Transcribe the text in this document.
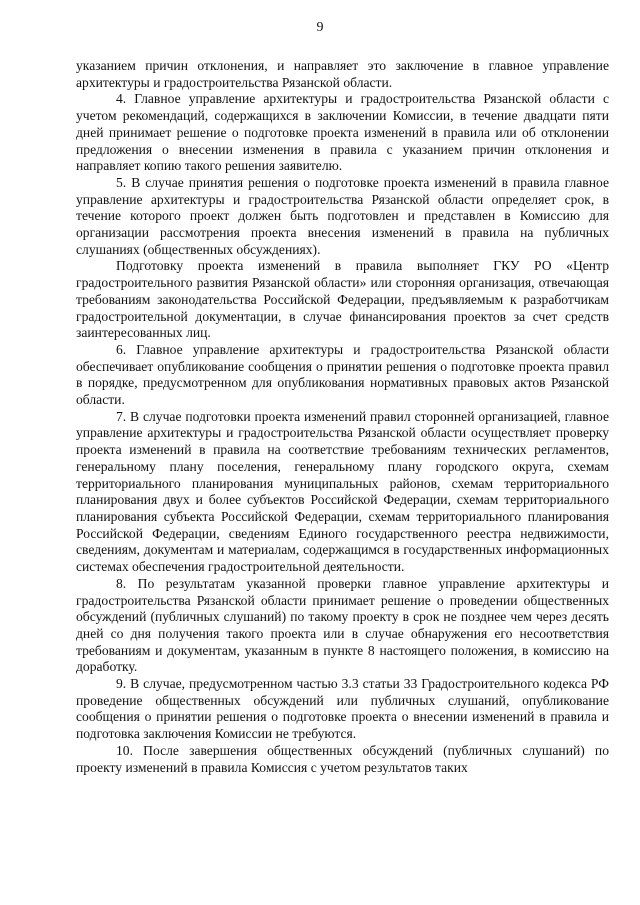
9

указанием причин отклонения, и направляет это заключение в главное управление архитектуры и градостроительства Рязанской области.

4. Главное управление архитектуры и градостроительства Рязанской области с учетом рекомендаций, содержащихся в заключении Комиссии, в течение двадцати пяти дней принимает решение о подготовке проекта изменений в правила или об отклонении предложения о внесении изменения в правила с указанием причин отклонения и направляет копию такого решения заявителю.

5. В случае принятия решения о подготовке проекта изменений в правила главное управление архитектуры и градостроительства Рязанской области определяет срок, в течение которого проект должен быть подготовлен и представлен в Комиссию для организации рассмотрения проекта внесения изменений в правила на публичных слушаниях (общественных обсуждениях).

Подготовку проекта изменений в правила выполняет ГКУ РО «Центр градостроительного развития Рязанской области» или сторонняя организация, отвечающая требованиям законодательства Российской Федерации, предъявляемым к разработчикам градостроительной документации, в случае финансирования проектов за счет средств заинтересованных лиц.

6. Главное управление архитектуры и градостроительства Рязанской области обеспечивает опубликование сообщения о принятии решения о подготовке проекта правил в порядке, предусмотренном для опубликования нормативных правовых актов Рязанской области.

7. В случае подготовки проекта изменений правил сторонней организацией, главное управление архитектуры и градостроительства Рязанской области осуществляет проверку проекта изменений в правила на соответствие требованиям технических регламентов, генеральному плану поселения, генеральному плану городского округа, схемам территориального планирования муниципальных районов, схемам территориального планирования двух и более субъектов Российской Федерации, схемам территориального планирования субъекта Российской Федерации, схемам территориального планирования Российской Федерации, сведениям Единого государственного реестра недвижимости, сведениям, документам и материалам, содержащимся в государственных информационных системах обеспечения градостроительной деятельности.

8. По результатам указанной проверки главное управление архитектуры и градостроительства Рязанской области принимает решение о проведении общественных обсуждений (публичных слушаний) по такому проекту в срок не позднее чем через десять дней со дня получения такого проекта или в случае обнаружения его несоответствия требованиям и документам, указанным в пункте 8 настоящего положения, в комиссию на доработку.

9. В случае, предусмотренном частью 3.3 статьи 33 Градостроительного кодекса РФ проведение общественных обсуждений или публичных слушаний, опубликование сообщения о принятии решения о подготовке проекта о внесении изменений в правила и подготовка заключения Комиссии не требуются.

10. После завершения общественных обсуждений (публичных слушаний) по проекту изменений в правила Комиссия с учетом результатов таких
